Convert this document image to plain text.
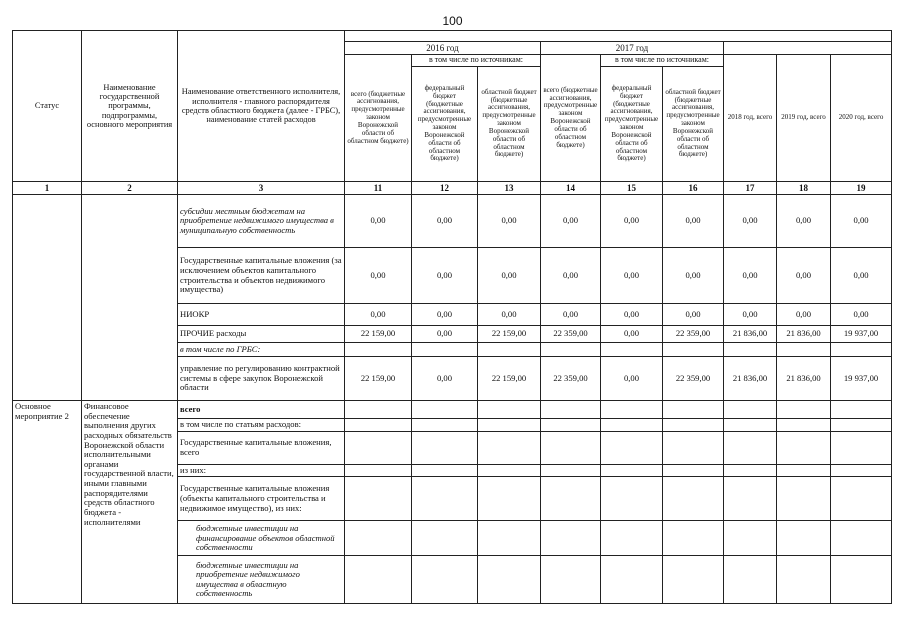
100
Статус	Наименование государственной программы, подпрограммы, основного мероприятия	Наименование ответственного исполнителя, исполнителя - главного распорядителя средств областного бюджета (далее - ГРБС), наименование статей расходов									
			2016 год			2017 год					
			всего (бюджетные ассигнования, предусмотренные законом Воронежской области об областном бюджете)	в том числе по источникам:		всего (бюджетные ассигнования, предусмотренные законом Воронежской области об областном бюджете)	в том числе по источникам:		2018 год, всего	2019 год, всего	2020 год, всего
				федеральный бюджет (бюджетные ассигнования, предусмотренные законом Воронежской области об областном бюджете)	областной бюджет (бюджетные ассигнования, предусмотренные законом Воронежской области об областном бюджете)		федеральный бюджет (бюджетные ассигнования, предусмотренные законом Воронежской области об областном бюджете)	областной бюджет (бюджетные ассигнования, предусмотренные законом Воронежской области об областном бюджете)			
1	2	3	11	12	13	14	15	16	17	18	19
		субсидии местным бюджетам на приобретение недвижимого имущества в муниципальную собственность	0,00	0,00	0,00	0,00	0,00	0,00	0,00	0,00	0,00
		Государственные капитальные вложения (за исключением объектов капитального строительства и объектов недвижимого имущества)	0,00	0,00	0,00	0,00	0,00	0,00	0,00	0,00	0,00
		НИОКР	0,00	0,00	0,00	0,00	0,00	0,00	0,00	0,00	0,00
		ПРОЧИЕ расходы	22 159,00	0,00	22 159,00	22 359,00	0,00	22 359,00	21 836,00	21 836,00	19 937,00
		в том числе по ГРБС:									
		управление по регулированию контрактной системы в сфере закупок Воронежской области	22 159,00	0,00	22 159,00	22 359,00	0,00	22 359,00	21 836,00	21 836,00	19 937,00
Основное мероприятие 2	Финансовое обеспечение выполнения других расходных обязательств Воронежской области исполнительными органами государственной власти, иными главными распорядителями средств областного бюджета - исполнителями	всего									
		в том числе по статьям расходов:									
		Государственные капитальные вложения, всего									
		из них:									
		Государственные капитальные вложения (объекты капитального строительства и недвижимое имущество), из них:									
		бюджетные инвестиции на финансирование объектов областной собственности									
		бюджетные инвестиции на приобретение недвижимого имущества в областную собственность									
